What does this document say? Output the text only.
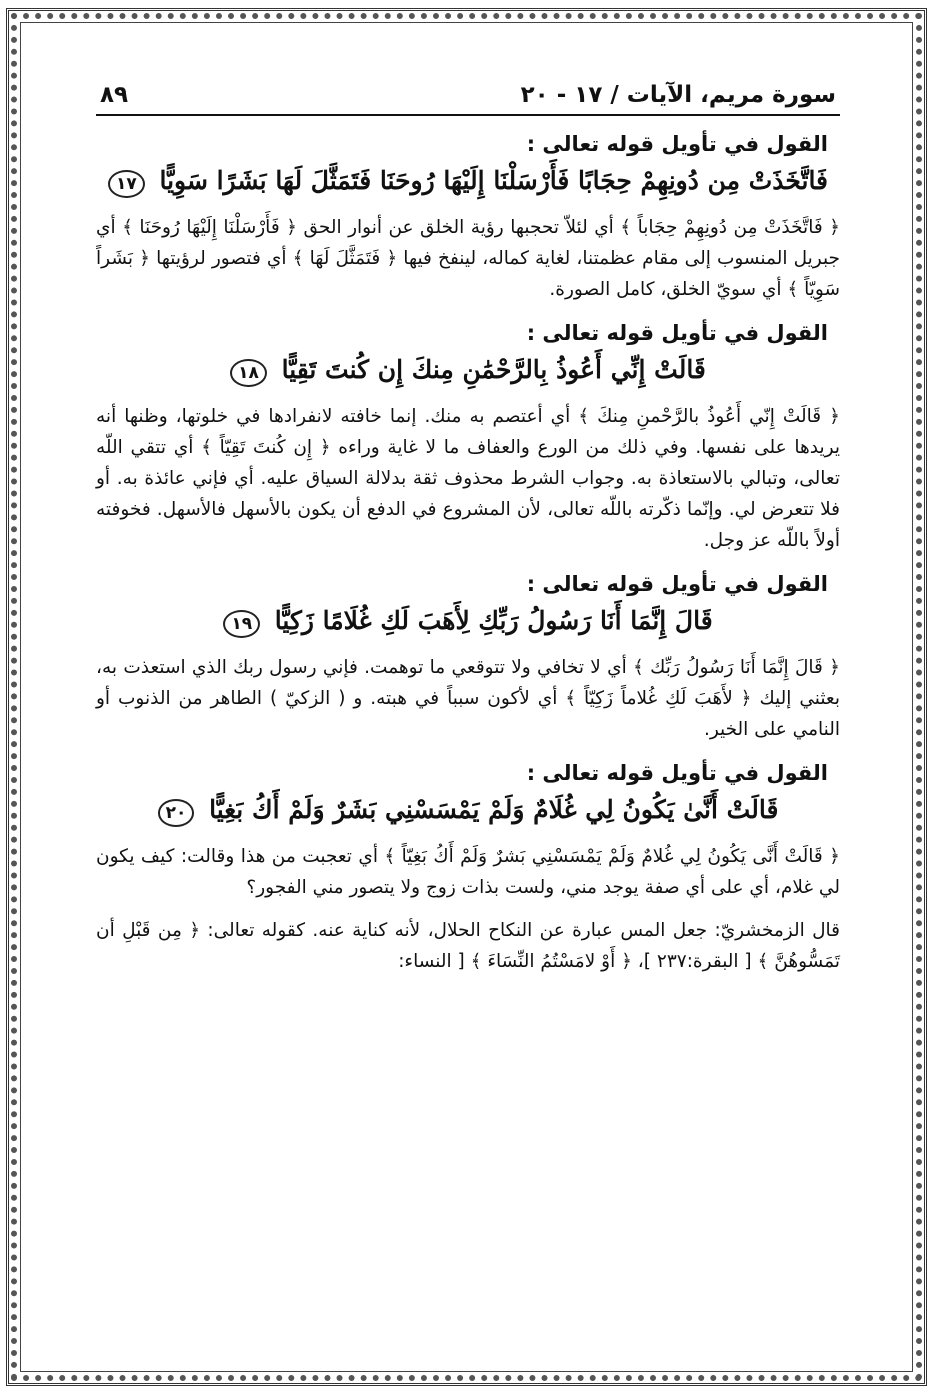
سورة مريم، الآيات / ١٧ - ٢٠
٨٩
القول في تأويل قوله تعالى :
فَاتَّخَذَتْ مِن دُونِهِمْ حِجَابًا فَأَرْسَلْنَا إِلَيْهَا رُوحَنَا فَتَمَثَّلَ لَهَا بَشَرًا سَوِيًّا ١٧

﴿ فَاتَّخَذَتْ مِن دُونِهِمْ حِجَاباً ﴾ أي لئلاّ تحجبها رؤية الخلق عن أنوار الحق ﴿ فَأَرْسَلْنَا إِلَيْهَا رُوحَنَا ﴾ أي جبريل المنسوب إلى مقام عظمتنا، لغاية كماله، لينفخ فيها ﴿ فَتَمَثَّلَ لَهَا ﴾ أي فتصور لرؤيتها ﴿ بَشَراً سَوِيّاً ﴾ أي سويّ الخلق، كامل الصورة.

القول في تأويل قوله تعالى :
قَالَتْ إِنِّي أَعُوذُ بِالرَّحْمَٰنِ مِنكَ إِن كُنتَ تَقِيًّا ١٨

﴿ قَالَتْ إِنّي أَعُوذُ بالرَّحْمنِ مِنكَ ﴾ أي أعتصم به منك. إنما خافته لانفرادها في خلوتها، وظنها أنه يريدها على نفسها. وفي ذلك من الورع والعفاف ما لا غاية وراءه ﴿ إِن كُنتَ تَقِيّاً ﴾ أي تتقي اللّه تعالى، وتبالي بالاستعاذة به. وجواب الشرط محذوف ثقة بدلالة السياق عليه. أي فإني عائذة به. أو فلا تتعرض لي. وإنّما ذكّرته باللّه تعالى، لأن المشروع في الدفع أن يكون بالأسهل فالأسهل. فخوفته أولاً باللّه عز وجل.

القول في تأويل قوله تعالى :
قَالَ إِنَّمَا أَنَا رَسُولُ رَبِّكِ لِأَهَبَ لَكِ غُلَامًا زَكِيًّا ١٩

﴿ قَالَ إِنَّمَا أَنَا رَسُولُ رَبِّك ﴾ أي لا تخافي ولا تتوقعي ما توهمت. فإني رسول ربك الذي استعذت به، بعثني إليك ﴿ لأَهَبَ لَكِ غُلاماً زَكِيّاً ﴾ أي لأكون سبباً في هبته. و ( الزكيّ ) الطاهر من الذنوب أو النامي على الخير.

القول في تأويل قوله تعالى :
قَالَتْ أَنَّىٰ يَكُونُ لِي غُلَامٌ وَلَمْ يَمْسَسْنِي بَشَرٌ وَلَمْ أَكُ بَغِيًّا ٢٠

﴿ قَالَتْ أَنَّى يَكُونُ لِي غُلامٌ وَلَمْ يَمْسَسْنِي بَشرٌ وَلَمْ أَكُ بَغِيّاً ﴾ أي تعجبت من هذا وقالت: كيف يكون لي غلام، أي على أي صفة يوجد مني، ولست بذات زوج ولا يتصور مني الفجور؟

قال الزمخشريّ: جعل المس عبارة عن النكاح الحلال، لأنه كناية عنه. كقوله تعالى: ﴿ مِن قَبْلِ أن تَمَسُّوهُنَّ ﴾ [ البقرة:٢٣٧ ]، ﴿ أَوْ لامَسْتُمُ النِّسَاءَ ﴾ [ النساء:
